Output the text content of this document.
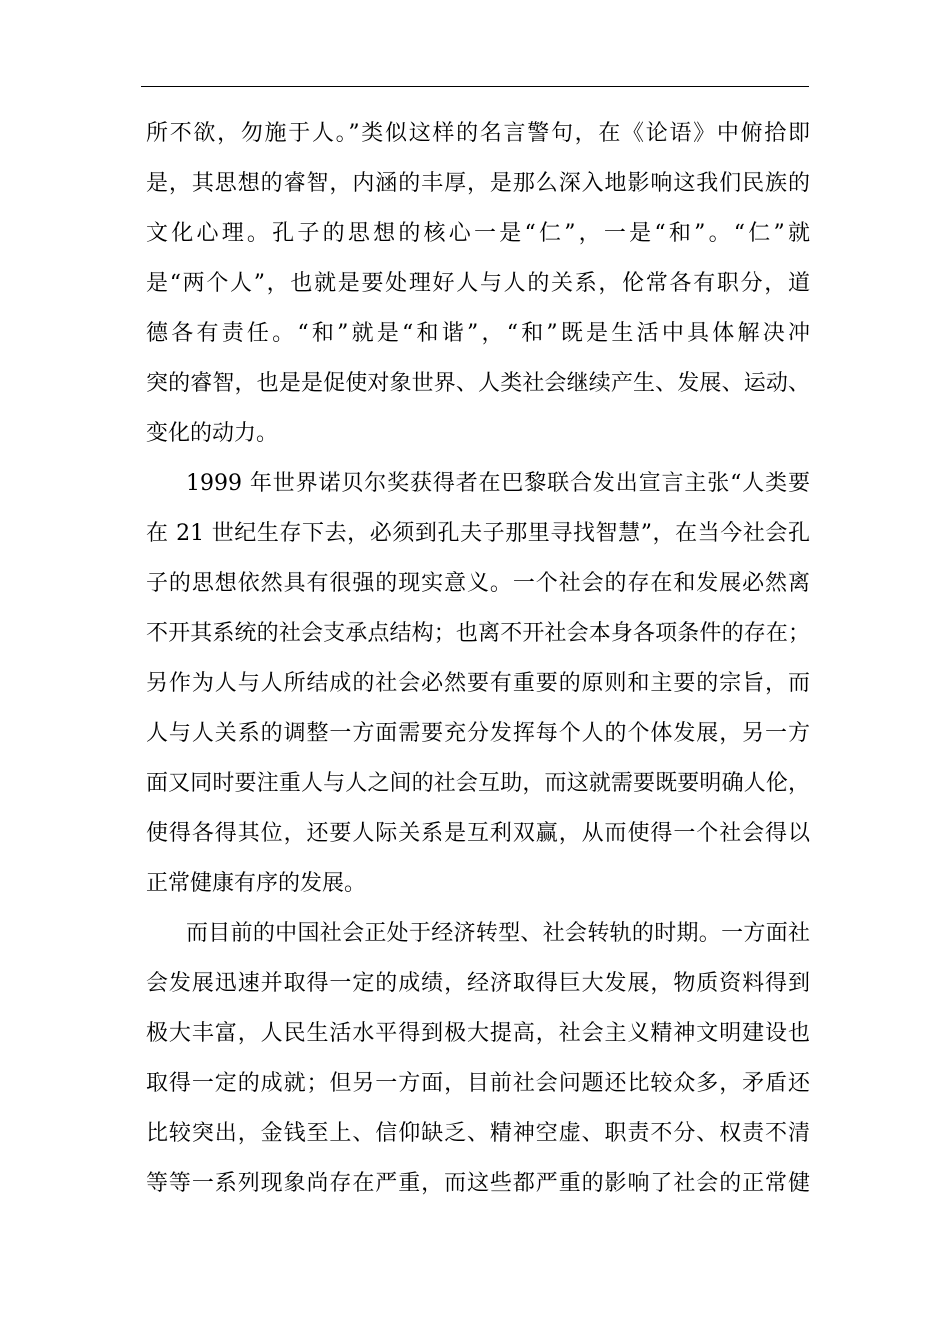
所不欲，勿施于人。”类似这样的名言警句，在《论语》中俯拾即
是，其思想的睿智，内涵的丰厚，是那么深入地影响这我们民族的
文化心理。孔子的思想的核心一是“仁”，一是“和”。“仁”就
是“两个人”，也就是要处理好人与人的关系，伦常各有职分，道
德各有责任。“和”就是“和谐”，“和”既是生活中具体解决冲
突的睿智，也是是促使对象世界、人类社会继续产生、发展、运动、
变化的动力。
1999 年世界诺贝尔奖获得者在巴黎联合发出宣言主张“人类要
在 21 世纪生存下去，必须到孔夫子那里寻找智慧”，在当今社会孔
子的思想依然具有很强的现实意义。一个社会的存在和发展必然离
不开其系统的社会支承点结构；也离不开社会本身各项条件的存在；
另作为人与人所结成的社会必然要有重要的原则和主要的宗旨，而
人与人关系的调整一方面需要充分发挥每个人的个体发展，另一方
面又同时要注重人与人之间的社会互助，而这就需要既要明确人伦，
使得各得其位，还要人际关系是互利双赢，从而使得一个社会得以
正常健康有序的发展。
而目前的中国社会正处于经济转型、社会转轨的时期。一方面社
会发展迅速并取得一定的成绩，经济取得巨大发展，物质资料得到
极大丰富，人民生活水平得到极大提高，社会主义精神文明建设也
取得一定的成就；但另一方面，目前社会问题还比较众多，矛盾还
比较突出，金钱至上、信仰缺乏、精神空虚、职责不分、权责不清
等等一系列现象尚存在严重，而这些都严重的影响了社会的正常健
